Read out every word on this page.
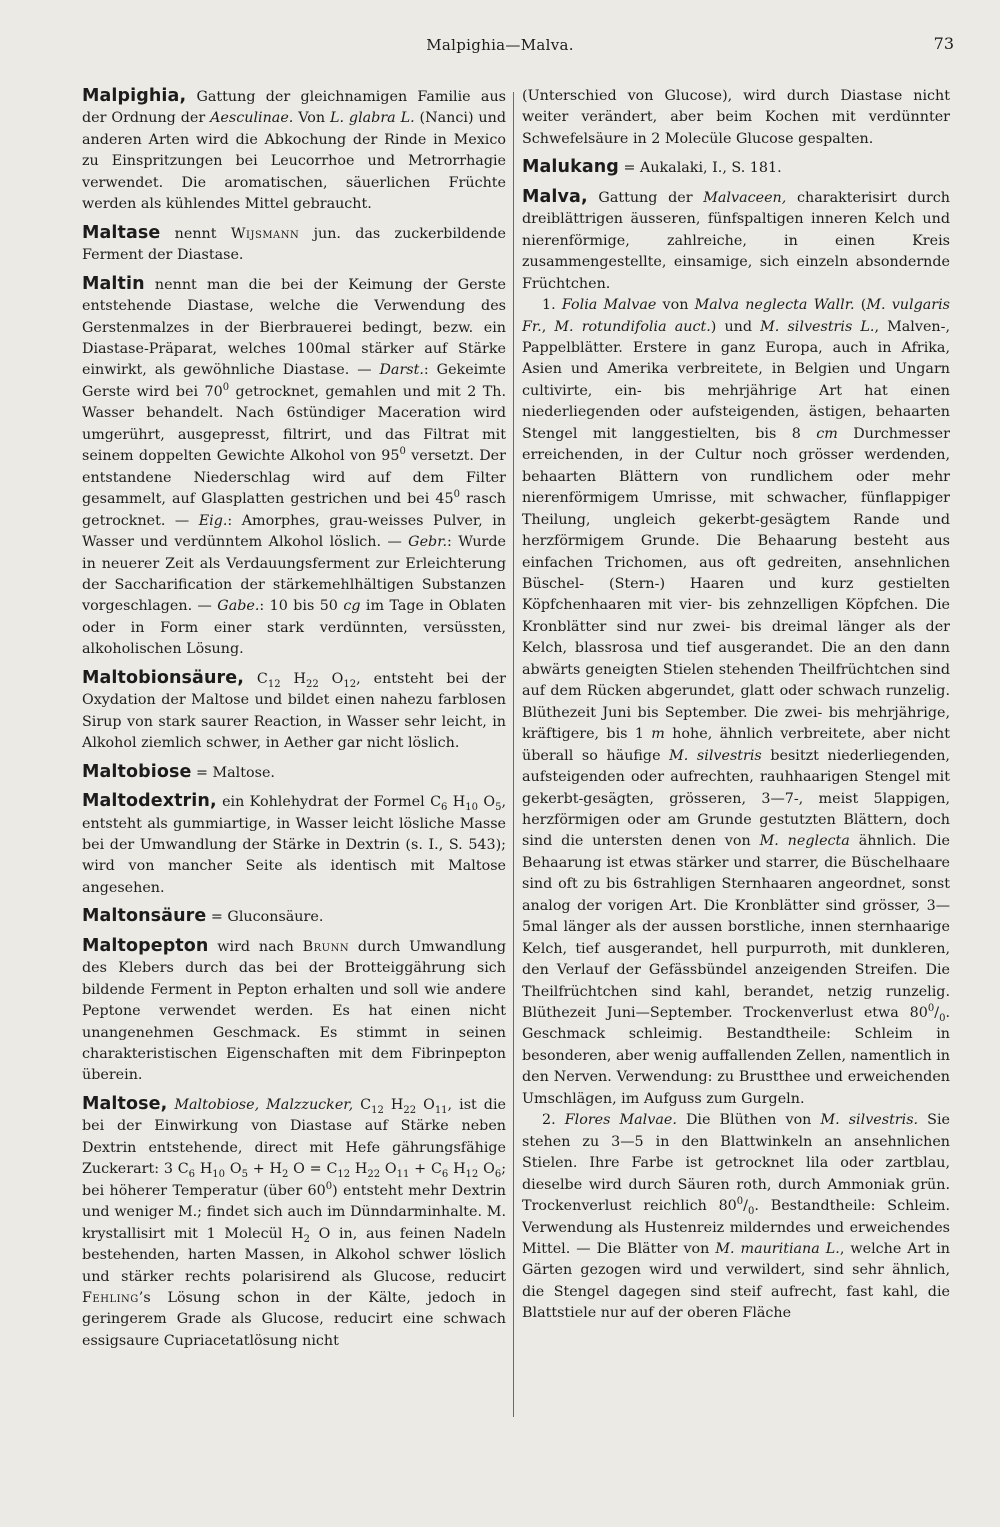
Malpighia—Malva.	73

Malpighia, Gattung der gleichnamigen Familie aus der Ordnung der Aesculinae. Von L. glabra L. (Nanci) und anderen Arten wird die Abkochung der Rinde in Mexico zu Einspritzungen bei Leucorrhoe und Metrorrhagie verwendet. Die aromatischen, säuerlichen Früchte werden als kühlendes Mittel gebraucht.

Maltase nennt Wijsmann jun. das zuckerbildende Ferment der Diastase.

Maltin nennt man die bei der Keimung der Gerste entstehende Diastase, welche die Verwendung des Gerstenmalzes in der Bierbrauerei bedingt, bezw. ein Diastase-Präparat, welches 100mal stärker auf Stärke einwirkt, als gewöhnliche Diastase. — Darst.: Gekeimte Gerste wird bei $70^0$ getrocknet, gemahlen und mit 2 Th. Wasser behandelt. Nach 6stündiger Maceration wird umgerührt, ausgepresst, filtrirt, und das Filtrat mit seinem doppelten Gewichte Alkohol von $95^0$ versetzt. Der entstandene Niederschlag wird auf dem Filter gesammelt, auf Glasplatten gestrichen und bei $45^0$ rasch getrocknet. — Eig.: Amorphes, grau-weisses Pulver, in Wasser und verdünntem Alkohol löslich. — Gebr.: Wurde in neuerer Zeit als Verdauungsferment zur Erleichterung der Saccharification der stärkemehlhältigen Substanzen vorgeschlagen. — Gabe.: 10 bis 50 cg im Tage in Oblaten oder in Form einer stark verdünnten, versüssten, alkoholischen Lösung.

Maltobionsäure, $C_{12}$ $H_{22}$ $O_{12}$, entsteht bei der Oxydation der Maltose und bildet einen nahezu farblosen Sirup von stark saurer Reaction, in Wasser sehr leicht, in Alkohol ziemlich schwer, in Aether gar nicht löslich.

Maltobiose = Maltose.

Maltodextrin, ein Kohlehydrat der Formel $C_6$ $H_{10}$ $O_5$, entsteht als gummiartige, in Wasser leicht lösliche Masse bei der Umwandlung der Stärke in Dextrin (s. I., S. 543); wird von mancher Seite als identisch mit Maltose angesehen.

Maltonsäure = Gluconsäure.

Maltopepton wird nach Brunn durch Umwandlung des Klebers durch das bei der Brotteiggährung sich bildende Ferment in Pepton erhalten und soll wie andere Peptone verwendet werden. Es hat einen nicht unangenehmen Geschmack. Es stimmt in seinen charakteristischen Eigenschaften mit dem Fibrinpepton überein.

Maltose, Maltobiose, Malzzucker, $C_{12}$ $H_{22}$ $O_{11}$, ist die bei der Einwirkung von Diastase auf Stärke neben Dextrin entstehende, direct mit Hefe gährungsfähige Zuckerart: 3 $C_6$ $H_{10}$ $O_5 + H_2$ $O = C_{12}$ $H_{22}$ $O_{11} + C_6$ $H_{12}$ $O_6$; bei höherer Temperatur (über $60^0$) entsteht mehr Dextrin und weniger M.; findet sich auch im Dünndarminhalte. M. krystallisirt mit 1 Molecül $H_2$ O in, aus feinen Nadeln bestehenden, harten Massen, in Alkohol schwer löslich und stärker rechts polarisirend als Glucose, reducirt Fehling’s Lösung schon in der Kälte, jedoch in geringerem Grade als Glucose, reducirt eine schwach essigsaure Cupriacetatlösung nicht

(Unterschied von Glucose), wird durch Diastase nicht weiter verändert, aber beim Kochen mit verdünnter Schwefelsäure in 2 Molecüle Glucose gespalten.

Malukang = Aukalaki, I., S. 181.

Malva, Gattung der Malvaceen, charakterisirt durch dreiblättrigen äusseren, fünfspaltigen inneren Kelch und nierenförmige, zahlreiche, in einen Kreis zusammengestellte, einsamige, sich einzeln absondernde Früchtchen.

1. Folia Malvae von Malva neglecta Wallr. (M. vulgaris Fr., M. rotundifolia auct.) und M. silvestris L., Malven-, Pappelblätter. Erstere in ganz Europa, auch in Afrika, Asien und Amerika verbreitete, in Belgien und Ungarn cultivirte, ein- bis mehrjährige Art hat einen niederliegenden oder aufsteigenden, ästigen, behaarten Stengel mit langgestielten, bis 8 cm Durchmesser erreichenden, in der Cultur noch grösser werdenden, behaarten Blättern von rundlichem oder mehr nierenförmigem Umrisse, mit schwacher, fünflappiger Theilung, ungleich gekerbt-gesägtem Rande und herzförmigem Grunde. Die Behaarung besteht aus einfachen Trichomen, aus oft gedreiten, ansehnlichen Büschel- (Stern-) Haaren und kurz gestielten Köpfchenhaaren mit vier- bis zehnzelligen Köpfchen. Die Kronblätter sind nur zwei- bis dreimal länger als der Kelch, blassrosa und tief ausgerandet. Die an den dann abwärts geneigten Stielen stehenden Theilfrüchtchen sind auf dem Rücken abgerundet, glatt oder schwach runzelig. Blüthezeit Juni bis September. Die zwei- bis mehrjährige, kräftigere, bis 1 m hohe, ähnlich verbreitete, aber nicht überall so häufige M. silvestris besitzt niederliegenden, aufsteigenden oder aufrechten, rauhhaarigen Stengel mit gekerbt-gesägten, grösseren, 3—7-, meist 5lappigen, herzförmigen oder am Grunde gestutzten Blättern, doch sind die untersten denen von M. neglecta ähnlich. Die Behaarung ist etwas stärker und starrer, die Büschelhaare sind oft zu bis 6strahligen Sternhaaren angeordnet, sonst analog der vorigen Art. Die Kronblätter sind grösser, 3—5mal länger als der aussen borstliche, innen sternhaarige Kelch, tief ausgerandet, hell purpurroth, mit dunkleren, den Verlauf der Gefässbündel anzeigenden Streifen. Die Theilfrüchtchen sind kahl, berandet, netzig runzelig. Blüthezeit Juni—September. Trockenverlust etwa $80^0/_0$. Geschmack schleimig. Bestandtheile: Schleim in besonderen, aber wenig auffallenden Zellen, namentlich in den Nerven. Verwendung: zu Brustthee und erweichenden Umschlägen, im Aufguss zum Gurgeln.

2. Flores Malvae. Die Blüthen von M. silvestris. Sie stehen zu 3—5 in den Blattwinkeln an ansehnlichen Stielen. Ihre Farbe ist getrocknet lila oder zartblau, dieselbe wird durch Säuren roth, durch Ammoniak grün. Trockenverlust reichlich $80^0/_0$. Bestandtheile: Schleim. Verwendung als Hustenreiz milderndes und erweichendes Mittel. — Die Blätter von M. mauritiana L., welche Art in Gärten gezogen wird und verwildert, sind sehr ähnlich, die Stengel dagegen sind steif aufrecht, fast kahl, die Blattstiele nur auf der oberen Fläche
